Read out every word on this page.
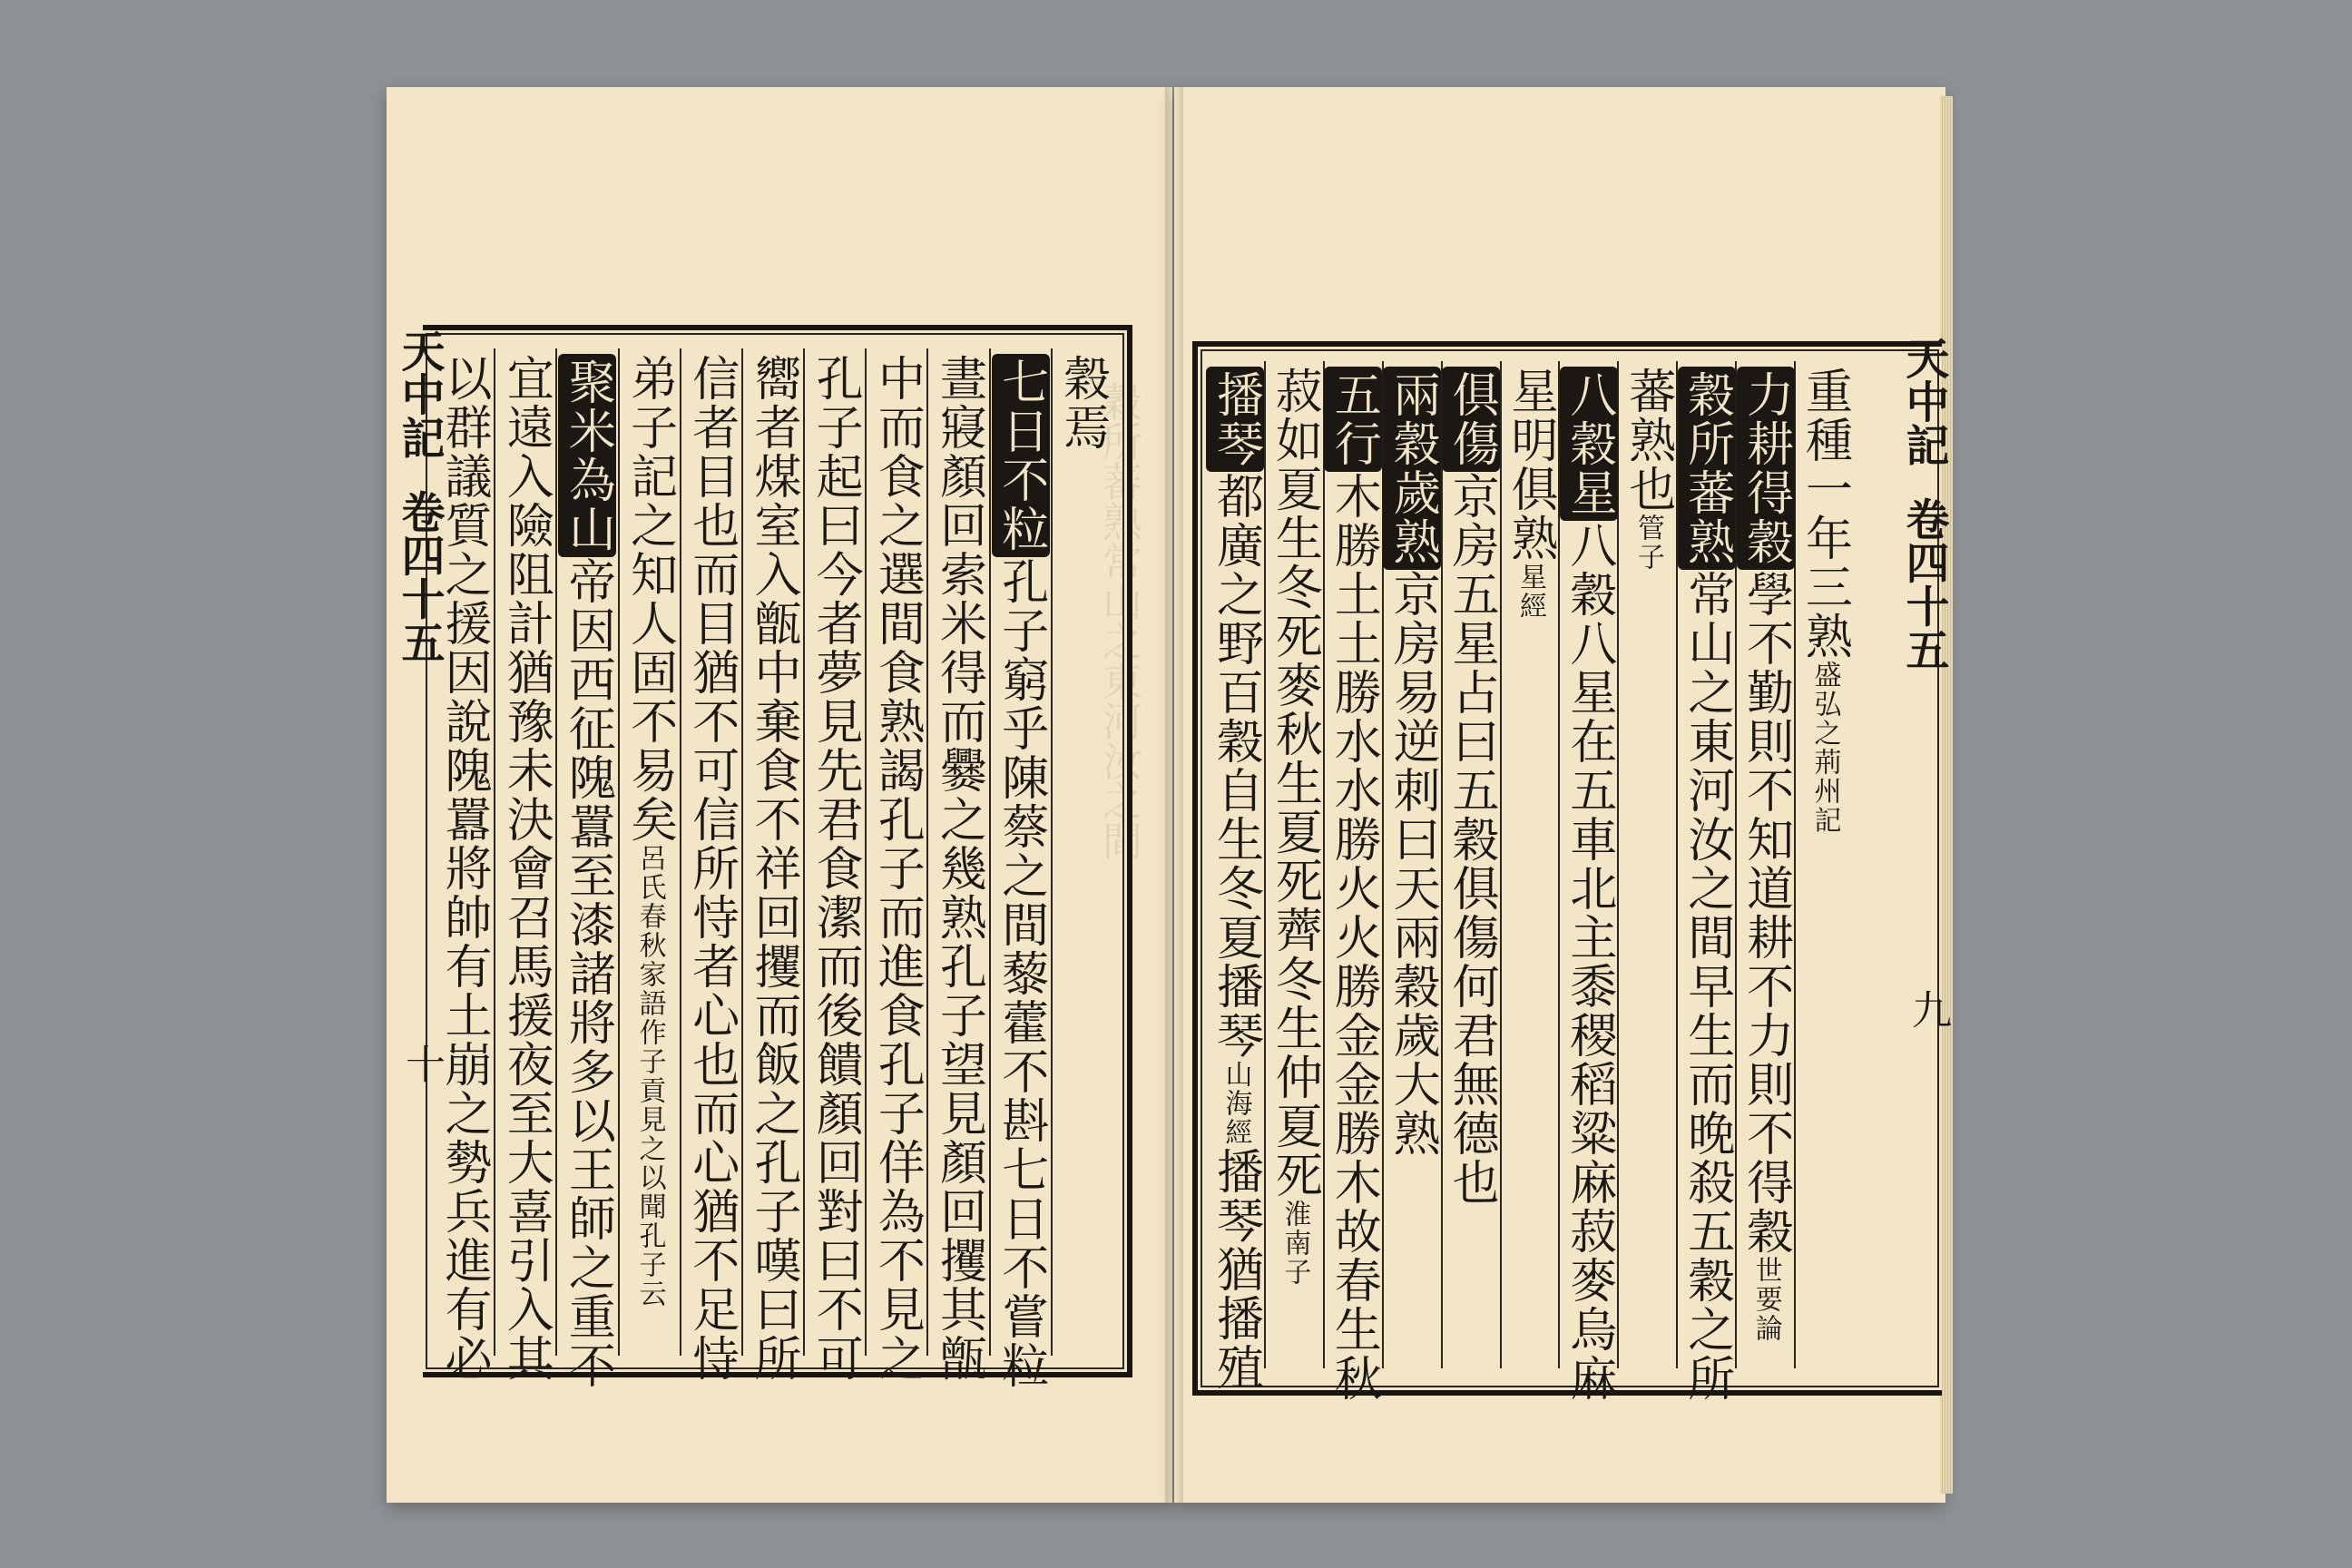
穀所蕃熟常山之東河汝之間
天中記  卷四十五
十
天中記  卷四十五
九
穀焉
七日不粒孔子窮乎陳蔡之間藜藿不斟七日不嘗粒
晝寢顏回索米得而爨之幾熟孔子望見顏回攫其甑
中而食之選間食熟謁孔子而進食孔子佯為不見之
孔子起曰今者夢見先君食潔而後饋顏回對曰不可
嚮者煤室入甑中棄食不祥回攫而飯之孔子嘆曰所
信者目也而目猶不可信所恃者心也而心猶不足恃
弟子記之知人固不易矣呂氏春秋家語作子貢見之以聞孔子云
聚米為山帝因西征隗囂至漆諸將多以王師之重不
宜遠入險阻計猶豫未決會召馬援夜至大喜引入其
以群議質之援因說隗囂將帥有土崩之勢兵進有必	重種一年三熟盛弘之荊州記
力耕得穀學不勤則不知道耕不力則不得穀世要論
穀所蕃熟常山之東河汝之間早生而晚殺五穀之所
蕃熟也管子
八穀星八穀八星在五車北主黍稷稻粱麻菽麥烏麻
星明俱熟星經
俱傷京房五星占曰五穀俱傷何君無德也
兩穀歲熟京房易逆刺曰天兩穀歲大熟
五行木勝土土勝水水勝火火勝金金勝木故春生秋
菽如夏生冬死麥秋生夏死薺冬生仲夏死淮南子
播琴都廣之野百穀自生冬夏播琴山海經播琴猶播殖
